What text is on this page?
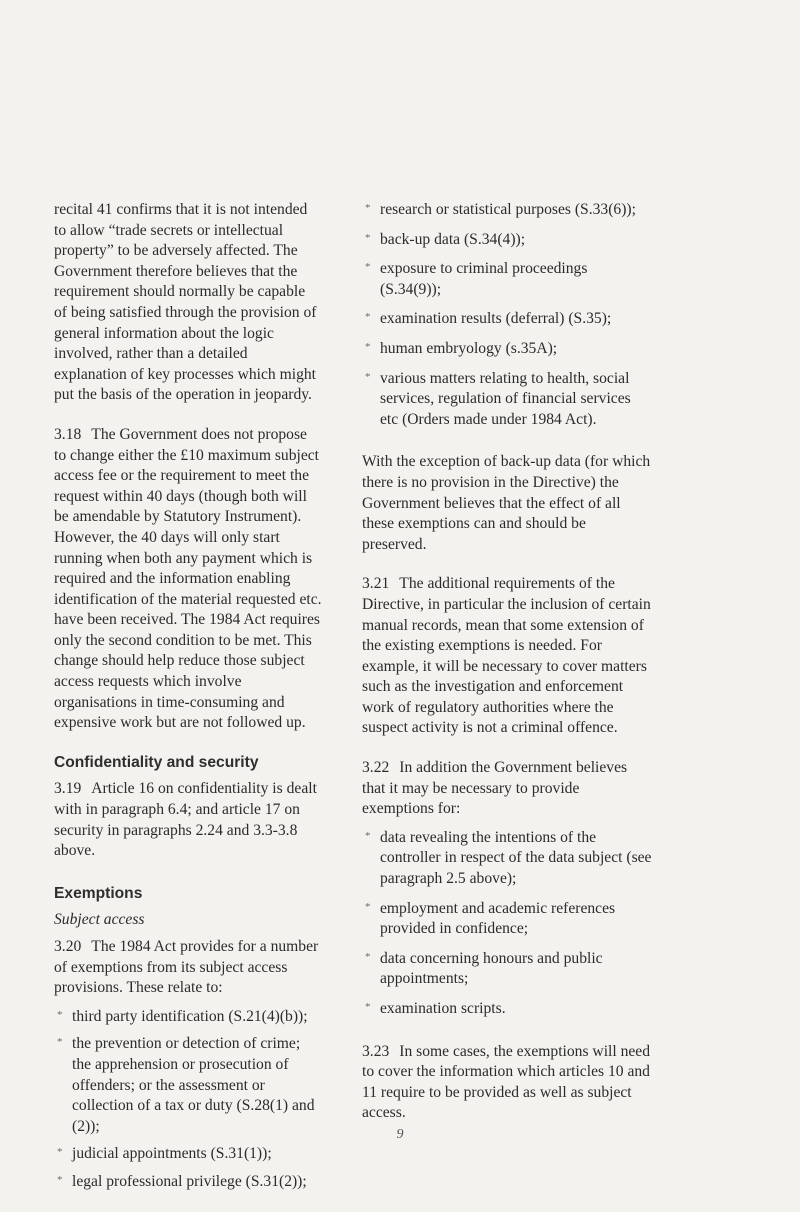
recital 41 confirms that it is not intended to allow “trade secrets or intellectual property” to be adversely affected. The Government therefore believes that the requirement should normally be capable of being satisfied through the provision of general information about the logic involved, rather than a detailed explanation of key processes which might put the basis of the operation in jeopardy.

3.18 The Government does not propose to change either the £10 maximum subject access fee or the requirement to meet the request within 40 days (though both will be amendable by Statutory Instrument). However, the 40 days will only start running when both any payment which is required and the information enabling identification of the material requested etc. have been received. The 1984 Act requires only the second condition to be met. This change should help reduce those subject access requests which involve organisations in time-consuming and expensive work but are not followed up.

Confidentiality and security

3.19 Article 16 on confidentiality is dealt with in paragraph 6.4; and article 17 on security in paragraphs 2.24 and 3.3-3.8 above.

Exemptions
Subject access

3.20 The 1984 Act provides for a number of exemptions from its subject access provisions. These relate to:

* third party identification (S.21(4)(b));
* the prevention or detection of crime; the apprehension or prosecution of offenders; or the assessment or collection of a tax or duty (S.28(1) and (2));
* judicial appointments (S.31(1));
* legal professional privilege (S.31(2));
* research or statistical purposes (S.33(6));
* back-up data (S.34(4));
* exposure to criminal proceedings (S.34(9));
* examination results (deferral) (S.35);
* human embryology (s.35A);
* various matters relating to health, social services, regulation of financial services etc (Orders made under 1984 Act).

With the exception of back-up data (for which there is no provision in the Directive) the Government believes that the effect of all these exemptions can and should be preserved.

3.21 The additional requirements of the Directive, in particular the inclusion of certain manual records, mean that some extension of the existing exemptions is needed. For example, it will be necessary to cover matters such as the investigation and enforcement work of regulatory authorities where the suspect activity is not a criminal offence.

3.22 In addition the Government believes that it may be necessary to provide exemptions for:

* data revealing the intentions of the controller in respect of the data subject (see paragraph 2.5 above);
* employment and academic references provided in confidence;
* data concerning honours and public appointments;
* examination scripts.

3.23 In some cases, the exemptions will need to cover the information which articles 10 and 11 require to be provided as well as subject access.

9
